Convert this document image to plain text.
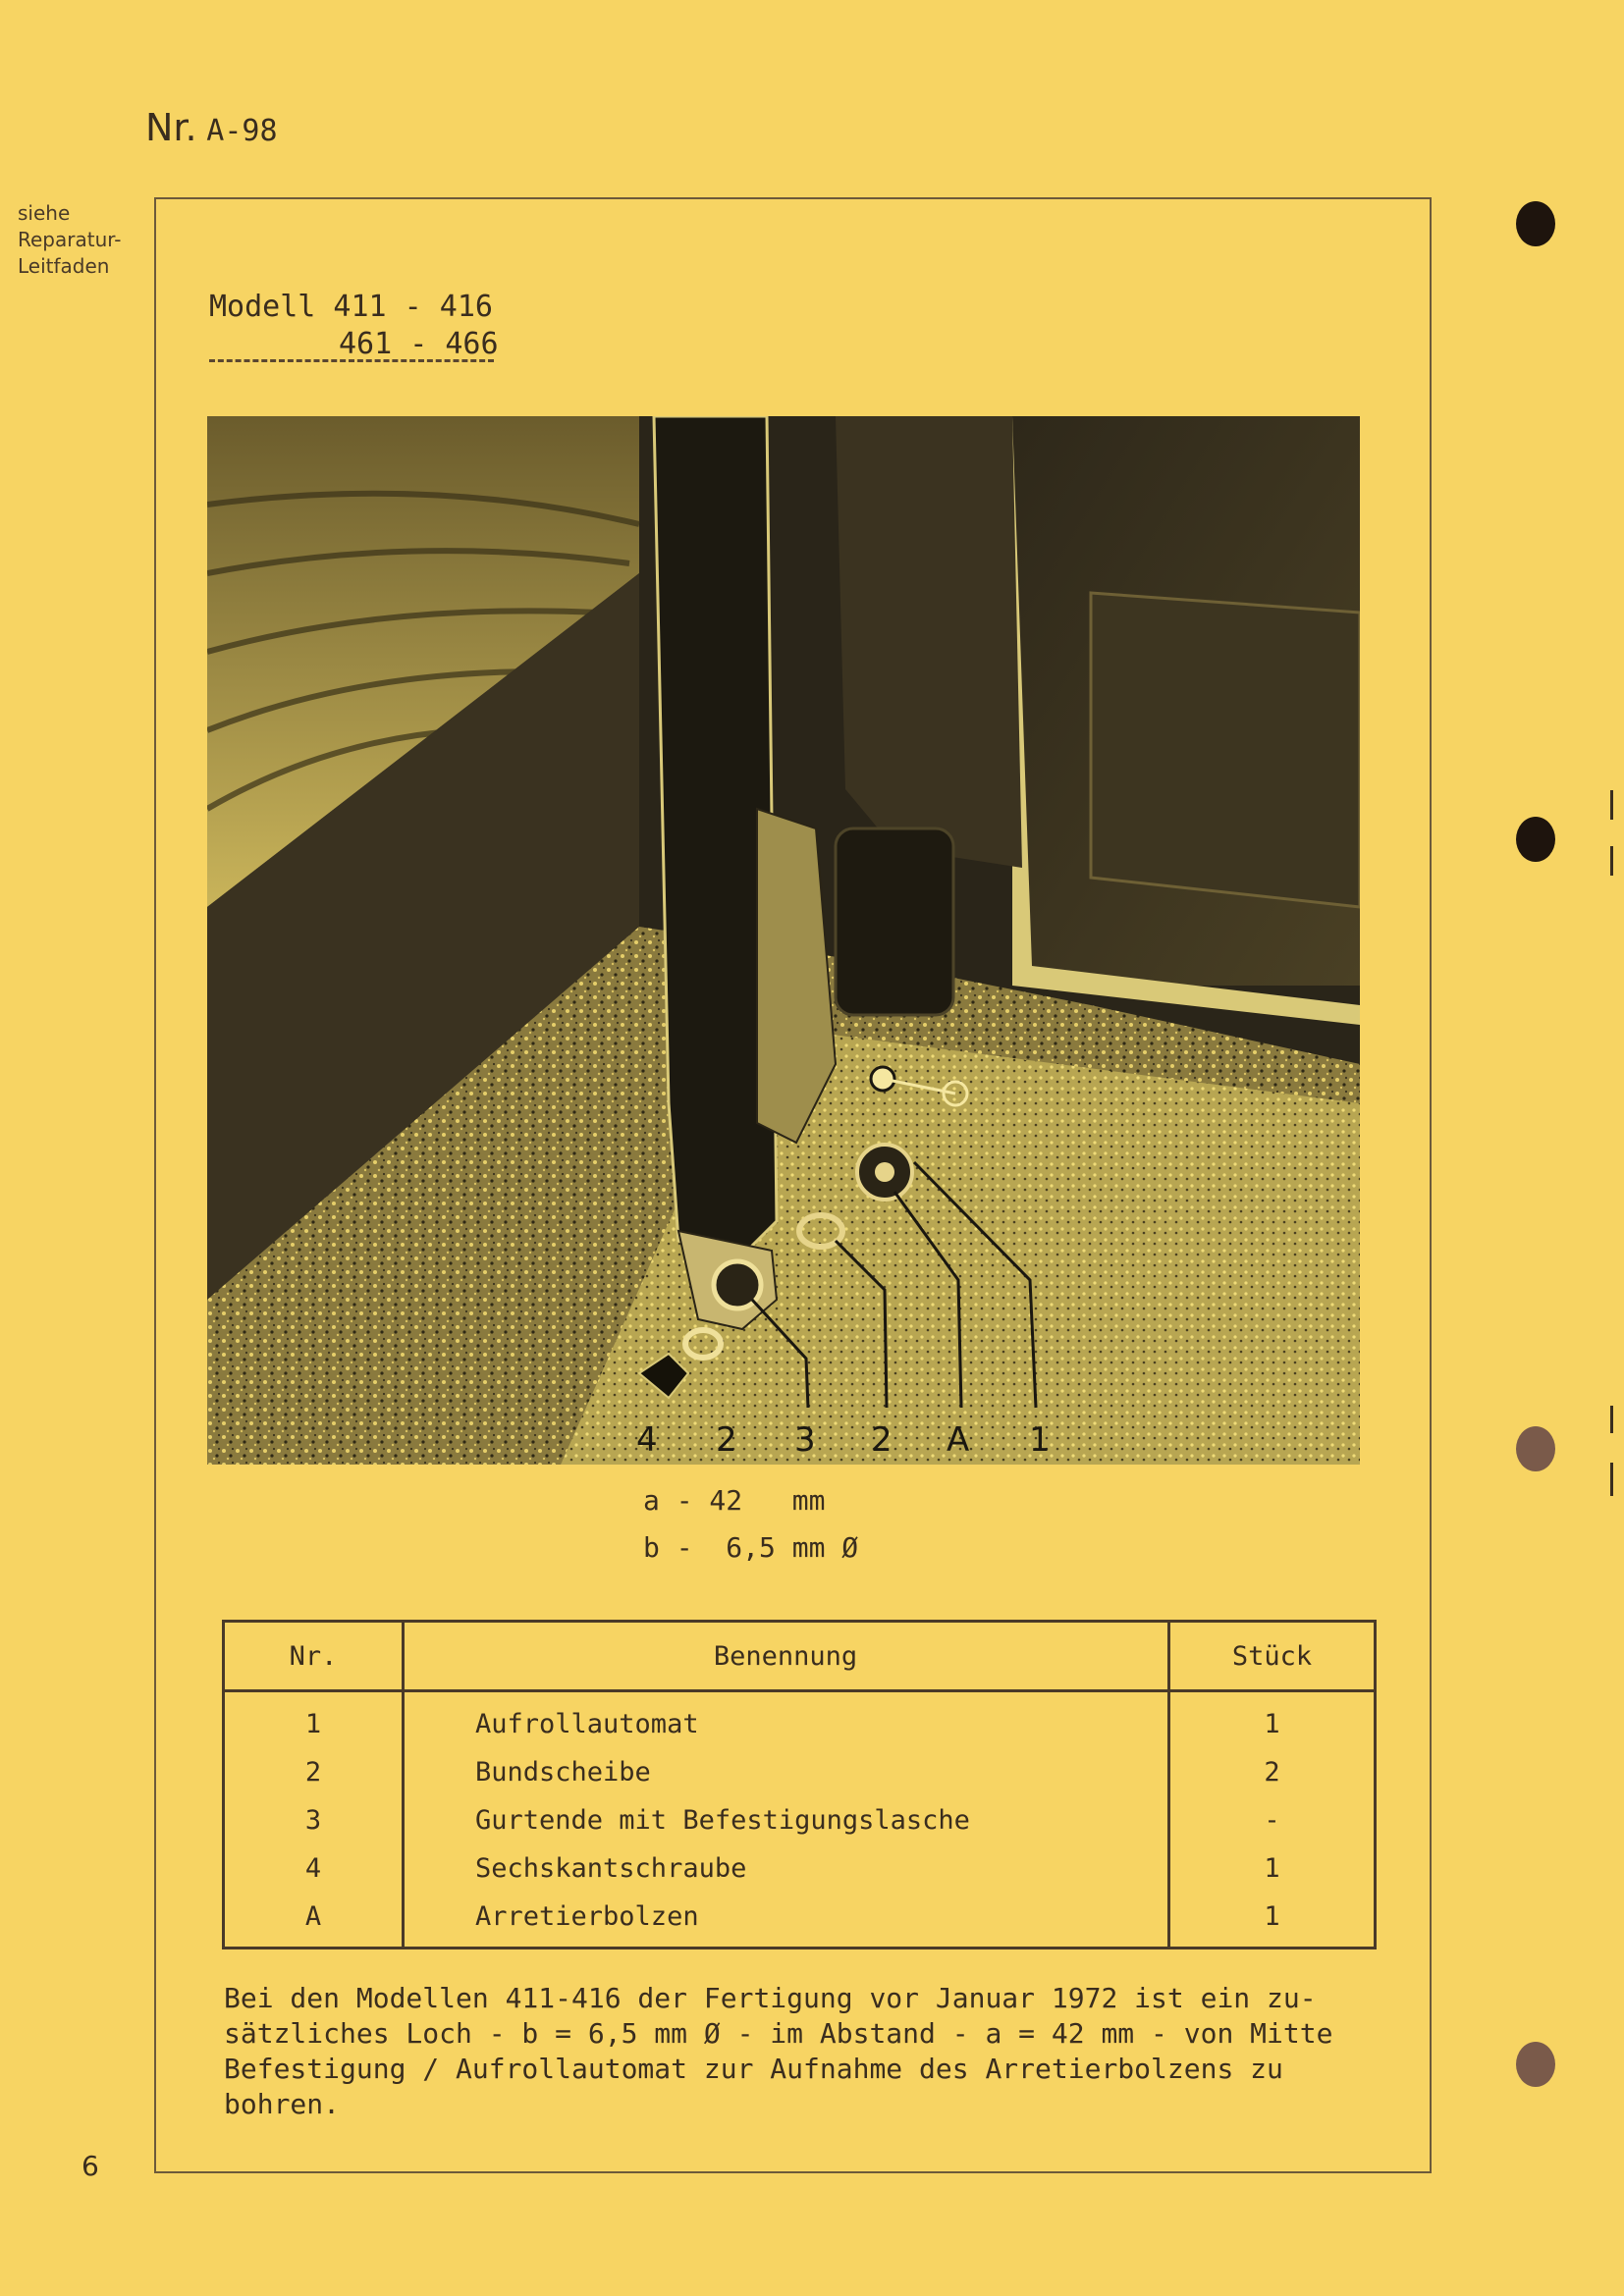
Nr. A-98
siehe
Reparatur-
Leitfaden
Modell 411 - 416
461 - 466
4 2 3 2 A 1
a - 42   mm
b -  6,5 mm Ø
Nr.	Benennung	Stück
1	Aufrollautomat	1
2	Bundscheibe	2
3	Gurtende mit Befestigungslasche	-
4	Sechskantschraube	1
A	Arretierbolzen	1
Bei den Modellen 411-416 der Fertigung vor Januar 1972 ist ein zu-
sätzliches Loch - b = 6,5 mm Ø - im Abstand - a = 42 mm - von Mitte
Befestigung / Aufrollautomat zur Aufnahme des Arretierbolzens zu
bohren.
6
